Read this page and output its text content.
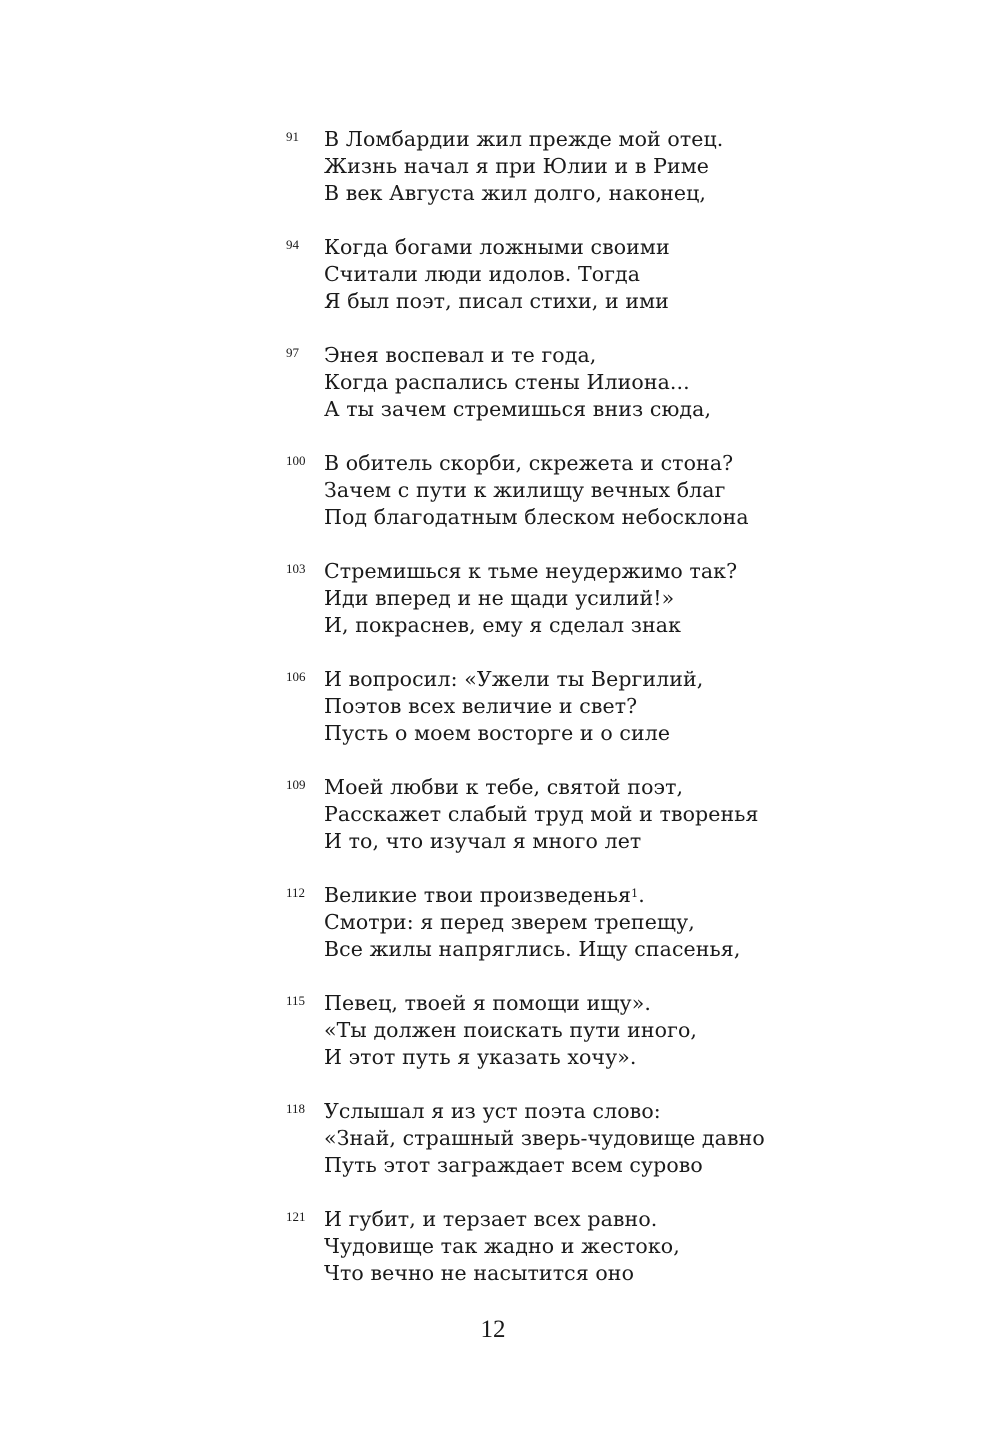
91 В Ломбардии жил прежде мой отец.
Жизнь начал я при Юлии и в Риме
В век Августа жил долго, наконец,
94 Когда богами ложными своими
Считали люди идолов. Тогда
Я был поэт, писал стихи, и ими
97 Энея воспевал и те года,
Когда распались стены Илиона...
А ты зачем стремишься вниз сюда,
100 В обитель скорби, скрежета и стона?
Зачем с пути к жилищу вечных благ
Под благодатным блеском небосклона
103 Стремишься к тьме неудержимо так?
Иди вперед и не щади усилий!»
И, покраснев, ему я сделал знак
106 И вопросил: «Ужели ты Вергилий,
Поэтов всех величие и свет?
Пусть о моем восторге и о силе
109 Моей любви к тебе, святой поэт,
Расскажет слабый труд мой и творенья
И то, что изучал я много лет
112 Великие твои произведенья$^1$.
Смотри: я перед зверем трепещу,
Все жилы напряглись. Ищу спасенья,
115 Певец, твоей я помощи ищу».
«Ты должен поискать пути иного,
И этот путь я указать хочу».
118 Услышал я из уст поэта слово:
«Знай, страшный зверь-чудовище давно
Путь этот заграждает всем сурово
121 И губит, и терзает всех равно.
Чудовище так жадно и жестоко,
Что вечно не насытится оно
12
